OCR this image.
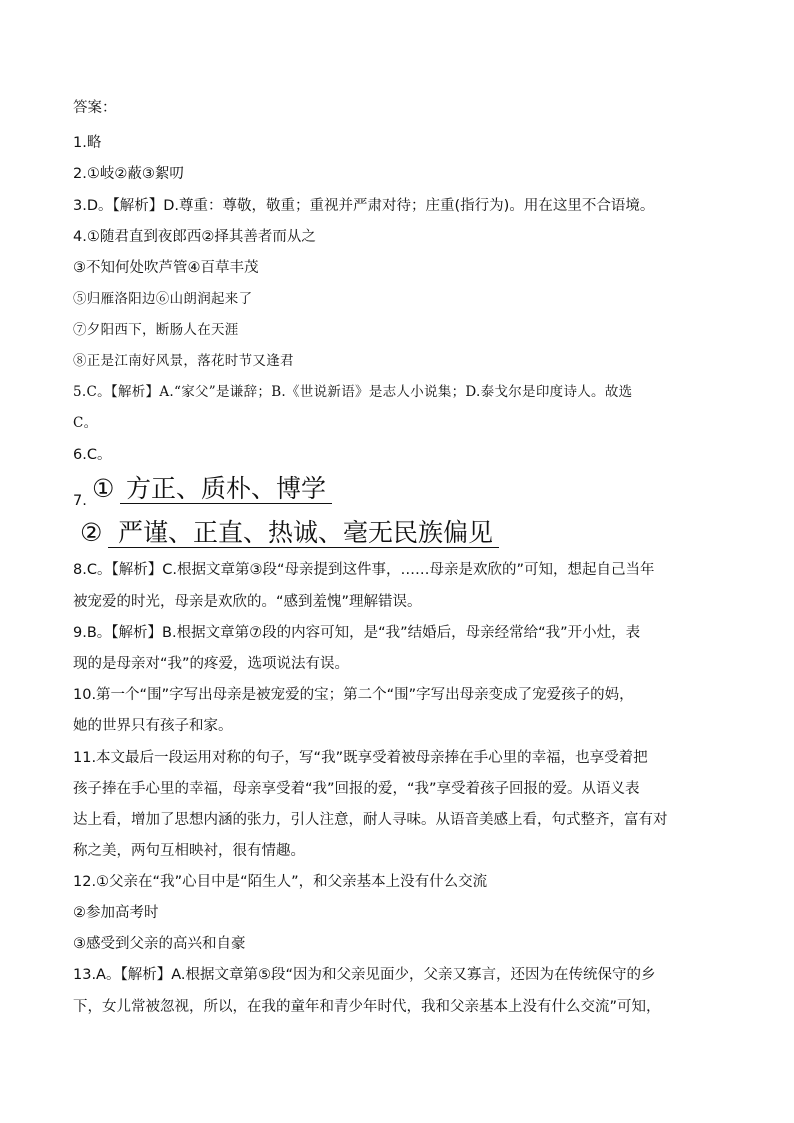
答案：
1.略
2.①岐②蔽③絮叨
3.D。【解析】D.尊重：尊敬，敬重；重视并严肃对待；庄重(指行为)。用在这里不合语境。
4.①随君直到夜郎西②择其善者而从之
③不知何处吹芦管④百草丰茂
⑤归雁洛阳边⑥山朗润起来了
⑦夕阳西下，断肠人在天涯
⑧正是江南好风景，落花时节又逢君
5.C。【解析】A.“家父”是谦辞；B.《世说新语》是志人小说集；D.泰戈尔是印度诗人。故选
C。
6.C。
7. ① 方正、质朴、博学
② 严谨、正直、热诚、毫无民族偏见
8.C。【解析】C.根据文章第③段“母亲提到这件事，……母亲是欢欣的”可知，想起自己当年
被宠爱的时光，母亲是欢欣的。“感到羞愧”理解错误。
9.B。【解析】B.根据文章第⑦段的内容可知，是“我”结婚后，母亲经常给“我”开小灶，表
现的是母亲对“我”的疼爱，选项说法有误。
10.第一个“围”字写出母亲是被宠爱的宝；第二个“围”字写出母亲变成了宠爱孩子的妈，
她的世界只有孩子和家。
11.本文最后一段运用对称的句子，写“我”既享受着被母亲捧在手心里的幸福，也享受着把
孩子捧在手心里的幸福，母亲享受着“我”回报的爱，“我”享受着孩子回报的爱。从语义表
达上看，增加了思想内涵的张力，引人注意，耐人寻味。从语音美感上看，句式整齐，富有对
称之美，两句互相映衬，很有情趣。
12.①父亲在“我”心目中是“陌生人”，和父亲基本上没有什么交流
②参加高考时
③感受到父亲的高兴和自豪
13.A。【解析】A.根据文章第⑤段“因为和父亲见面少，父亲又寡言，还因为在传统保守的乡
下，女儿常被忽视，所以，在我的童年和青少年时代，我和父亲基本上没有什么交流”可知，
